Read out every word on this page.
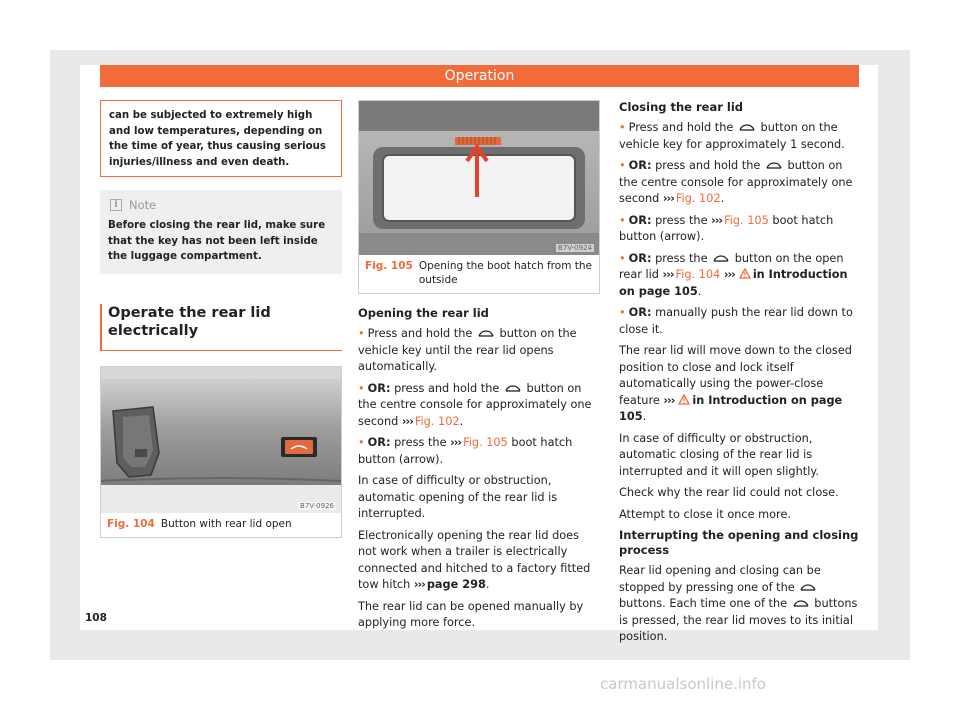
Operation
can be subjected to extremely high and low temperatures, depending on the time of year, thus causing serious injuries/illness and even death.
i Note
Before closing the rear lid, make sure that the key has not been left inside the luggage compartment.
Operate the rear lid electrically
B7V-0926
Fig. 104 Button with rear lid open
B7V-0924
Fig. 105 Opening the boot hatch from the outside
Opening the rear lid
• Press and hold the button on the vehicle key until the rear lid opens automatically.
• OR: press and hold the button on the centre console for approximately one second ››› Fig. 102.
• OR: press the ››› Fig. 105 boot hatch button (arrow).
In case of difficulty or obstruction, automatic opening of the rear lid is interrupted.
Electronically opening the rear lid does not work when a trailer is electrically connected and hitched to a factory fitted tow hitch ››› page 298.
The rear lid can be opened manually by applying more force.
Closing the rear lid
• Press and hold the button on the vehicle key for approximately 1 second.
• OR: press and hold the button on the centre console for approximately one second ››› Fig. 102.
• OR: press the ››› Fig. 105 boot hatch button (arrow).
• OR: press the button on the open rear lid ››› Fig. 104 ››› in Introduction on page 105.
• OR: manually push the rear lid down to close it.
The rear lid will move down to the closed position to close and lock itself automatically using the power-close feature ››› in Introduction on page 105.
In case of difficulty or obstruction, automatic closing of the rear lid is interrupted and it will open slightly.
Check why the rear lid could not close.
Attempt to close it once more.
Interrupting the opening and closing process
Rear lid opening and closing can be stopped by pressing one of the  buttons. Each time one of the buttons is pressed, the rear lid moves to its initial position.
108
carmanualsonline.info
